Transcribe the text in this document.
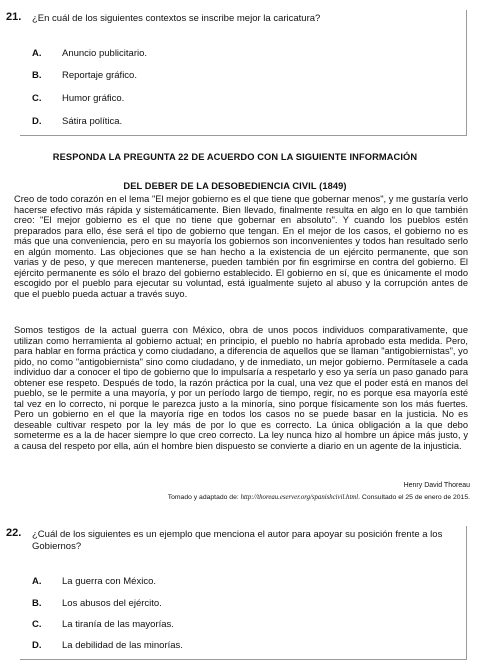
21. ¿En cuál de los siguientes contextos se inscribe mejor la caricatura?
A. Anuncio publicitario.
B. Reportaje gráfico.
C. Humor gráfico.
D. Sátira política.
RESPONDA LA PREGUNTA 22 DE ACUERDO CON LA SIGUIENTE INFORMACIÓN
DEL DEBER DE LA DESOBEDIENCIA CIVIL (1849)

Creo de todo corazón en el lema "El mejor gobierno es el que tiene que gobernar menos", y me gustaría verlo hacerse efectivo más rápida y sistemáticamente. Bien llevado, finalmente resulta en algo en lo que también creo: "El mejor gobierno es el que no tiene que gobernar en absoluto". Y cuando los pueblos estén preparados para ello, ése será el tipo de gobierno que tengan. En el mejor de los casos, el gobierno no es más que una conveniencia, pero en su mayoría los gobiernos son inconvenientes y todos han resultado serlo en algún momento. Las objeciones que se han hecho a la existencia de un ejército permanente, que son varias y de peso, y que merecen mantenerse, pueden también por fin esgrimirse en contra del gobierno. El ejército permanente es sólo el brazo del gobierno establecido. El gobierno en sí, que es únicamente el modo escogido por el pueblo para ejecutar su voluntad, está igualmente sujeto al abuso y la corrupción antes de que el pueblo pueda actuar a través suyo.

Somos testigos de la actual guerra con México, obra de unos pocos individuos comparativamente, que utilizan como herramienta al gobierno actual; en principio, el pueblo no habría aprobado esta medida. Pero, para hablar en forma práctica y como ciudadano, a diferencia de aquellos que se llaman "antigobiernistas", yo pido, no como "antigobiernista" sino como ciudadano, y de inmediato, un mejor gobierno. Permítasele a cada individuo dar a conocer el tipo de gobierno que lo impulsaría a respetarlo y eso ya sería un paso ganado para obtener ese respeto. Después de todo, la razón práctica por la cual, una vez que el poder está en manos del pueblo, se le permite a una mayoría, y por un período largo de tiempo, regir, no es porque esa mayoría esté tal vez en lo correcto, ni porque le parezca justo a la minoría, sino porque físicamente son los más fuertes. Pero un gobierno en el que la mayoría rige en todos los casos no se puede basar en la justicia. No es deseable cultivar respeto por la ley más de por lo que es correcto. La única obligación a la que debo someterme es a la de hacer siempre lo que creo correcto. La ley nunca hizo al hombre un ápice más justo, y a causa del respeto por ella, aún el hombre bien dispuesto se convierte a diario en un agente de la injusticia.

Henry David Thoreau
Tomado y adaptado de: http://thoreau.eserver.org/spanishcivil.html. Consultado el 25 de enero de 2015.
22. ¿Cuál de los siguientes es un ejemplo que menciona el autor para apoyar su posición frente a los Gobiernos?
A. La guerra con México.
B. Los abusos del ejército.
C. La tiranía de las mayorías.
D. La debilidad de las minorías.
